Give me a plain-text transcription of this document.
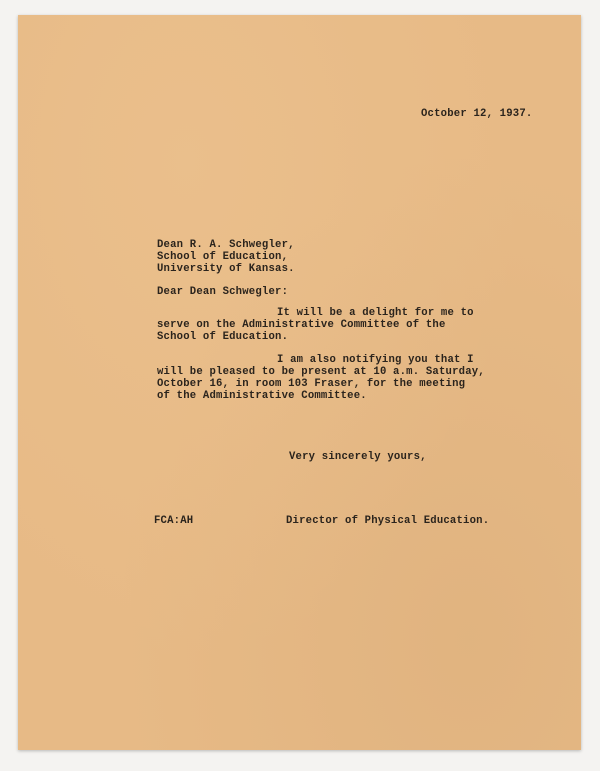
October 12, 1937.
Dean R. A. Schwegler,
School of Education,
University of Kansas.
Dear Dean Schwegler:
It will be a delight for me to
serve on the Administrative Committee of the
School of Education.
I am also notifying you that I
will be pleased to be present at 10 a.m. Saturday,
October 16, in room 103 Fraser, for the meeting
of the Administrative Committee.
Very sincerely yours,
FCA:AH	Director of Physical Education.
